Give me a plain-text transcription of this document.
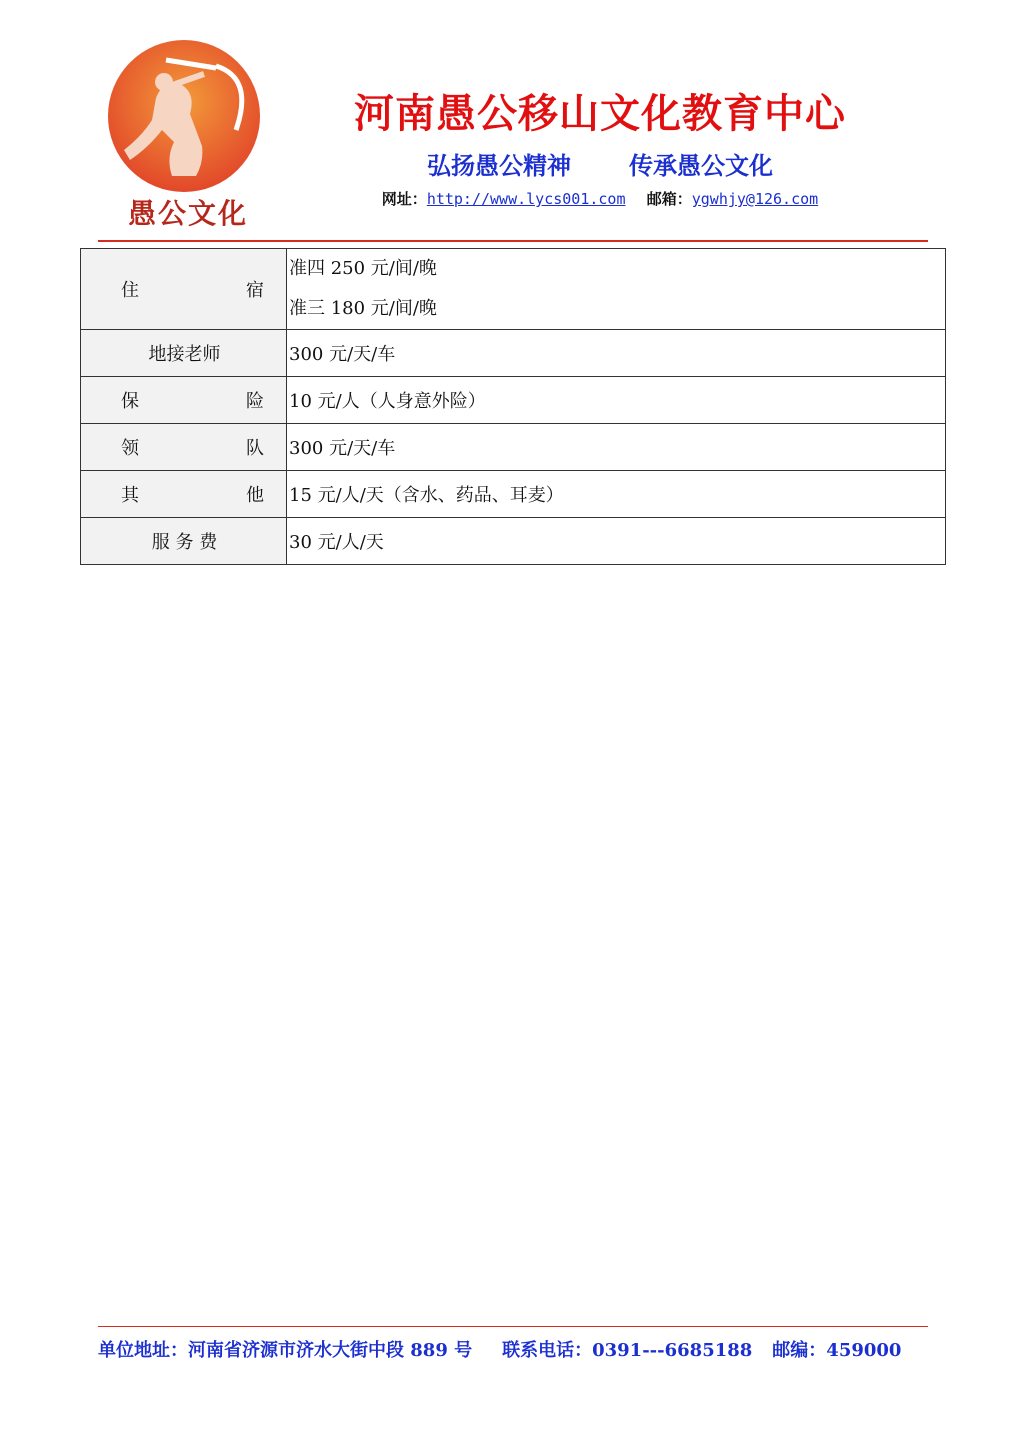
愚公文化
河南愚公移山文化教育中心
弘扬愚公精神 传承愚公文化
网址：http://www.lycs001.com 邮箱：ygwhjy@126.com
住 宿	准四 250 元/间/晚
准三 180 元/间/晚

地接老师	300 元/天/车
保 险	10 元/人（人身意外险）
领 队	300 元/天/车
其 他	15 元/人/天（含水、药品、耳麦）
服 务 费	30 元/人/天
单位地址：河南省济源市济水大街中段 889 号 联系电话：0391---6685188 邮编：459000
